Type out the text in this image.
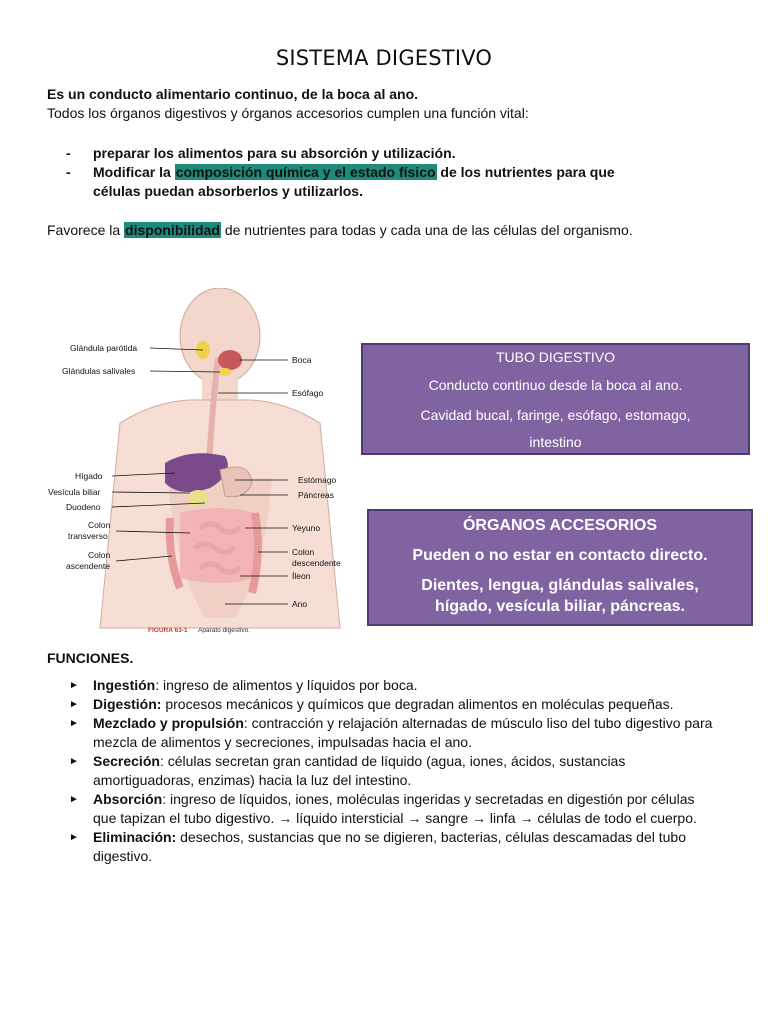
SISTEMA DIGESTIVO
Es un conducto alimentario continuo, de la boca al ano.
Todos los órganos digestivos y órganos accesorios cumplen una función vital:
- preparar los alimentos para su absorción y utilización.
- Modificar la composición química y el estado físico de los nutrientes para que células puedan absorberlos y utilizarlos.
Favorece la disponibilidad de nutrientes para todas y cada una de las células del organismo.
Glándula parótida
Glándulas salivales
Hígado
Vesícula biliar
Duodeno
Colon
transverso
Colon ascendente
Boca
Esófago
Estómago
Páncreas
Yeyuno
Colon descendente
Íleon
Ano
FIGURA 63-1 Aparato digestivo.
TUBO DIGESTIVO
Conducto continuo desde la boca al ano.
Cavidad bucal, faringe, esófago, estomago,
intestino
ÓRGANOS ACCESORIOS
Pueden o no estar en contacto directo.
Dientes, lengua, glándulas salivales,
hígado, vesícula biliar, páncreas.
FUNCIONES.
► Ingestión: ingreso de alimentos y líquidos por boca.
► Digestión: procesos mecánicos y químicos que degradan alimentos en moléculas pequeñas.
► Mezclado y propulsión: contracción y relajación alternadas de músculo liso del tubo digestivo para mezcla de alimentos y secreciones, impulsadas hacia el ano.
► Secreción: células secretan gran cantidad de líquido (agua, iones, ácidos, sustancias amortiguadoras, enzimas) hacia la luz del intestino.
► Absorción: ingreso de líquidos, iones, moléculas ingeridas y secretadas en digestión por células que tapizan el tubo digestivo. → líquido intersticial → sangre → linfa → células de todo el cuerpo.
► Eliminación: desechos, sustancias que no se digieren, bacterias, células descamadas del tubo digestivo.
